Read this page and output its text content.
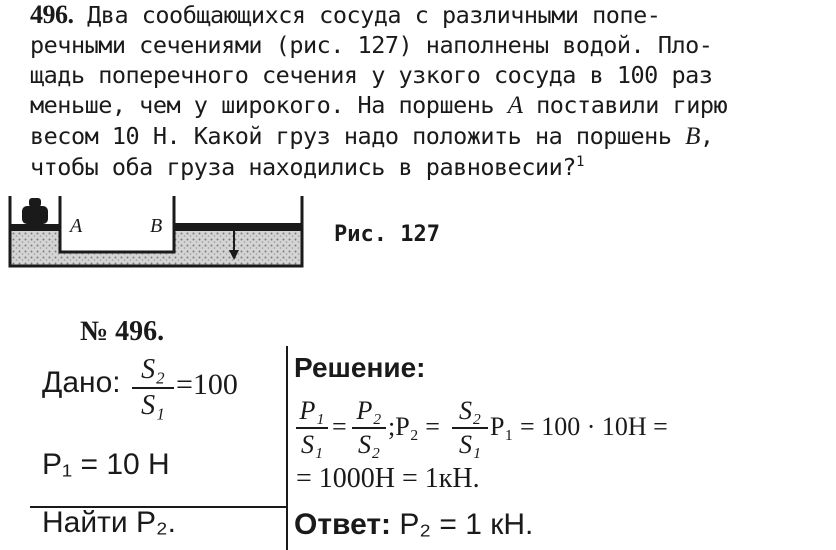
496. Два сообщающихся сосуда с различными попе-
речными сечениями (рис. 127) наполнены водой. Пло-
щадь поперечного сечения у узкого сосуда в 100 раз
меньше, чем у широкого. На поршень A поставили гирю
весом 10 Н. Какой груз надо положить на поршень B,
чтобы оба груза находились в равновесии?$^1$
A	B	Рис. 127
№ 496.
Дано: S₂
S₁
=100
P₁ = 10 Н
Найти P₂.
Решение:
P₁
S₁
=
P₂
S₂
;P₂ =
S₂
S₁
P₁ = 100 · 10Н =
= 1000Н = 1кН.
Ответ: P₂ = 1 кН.
